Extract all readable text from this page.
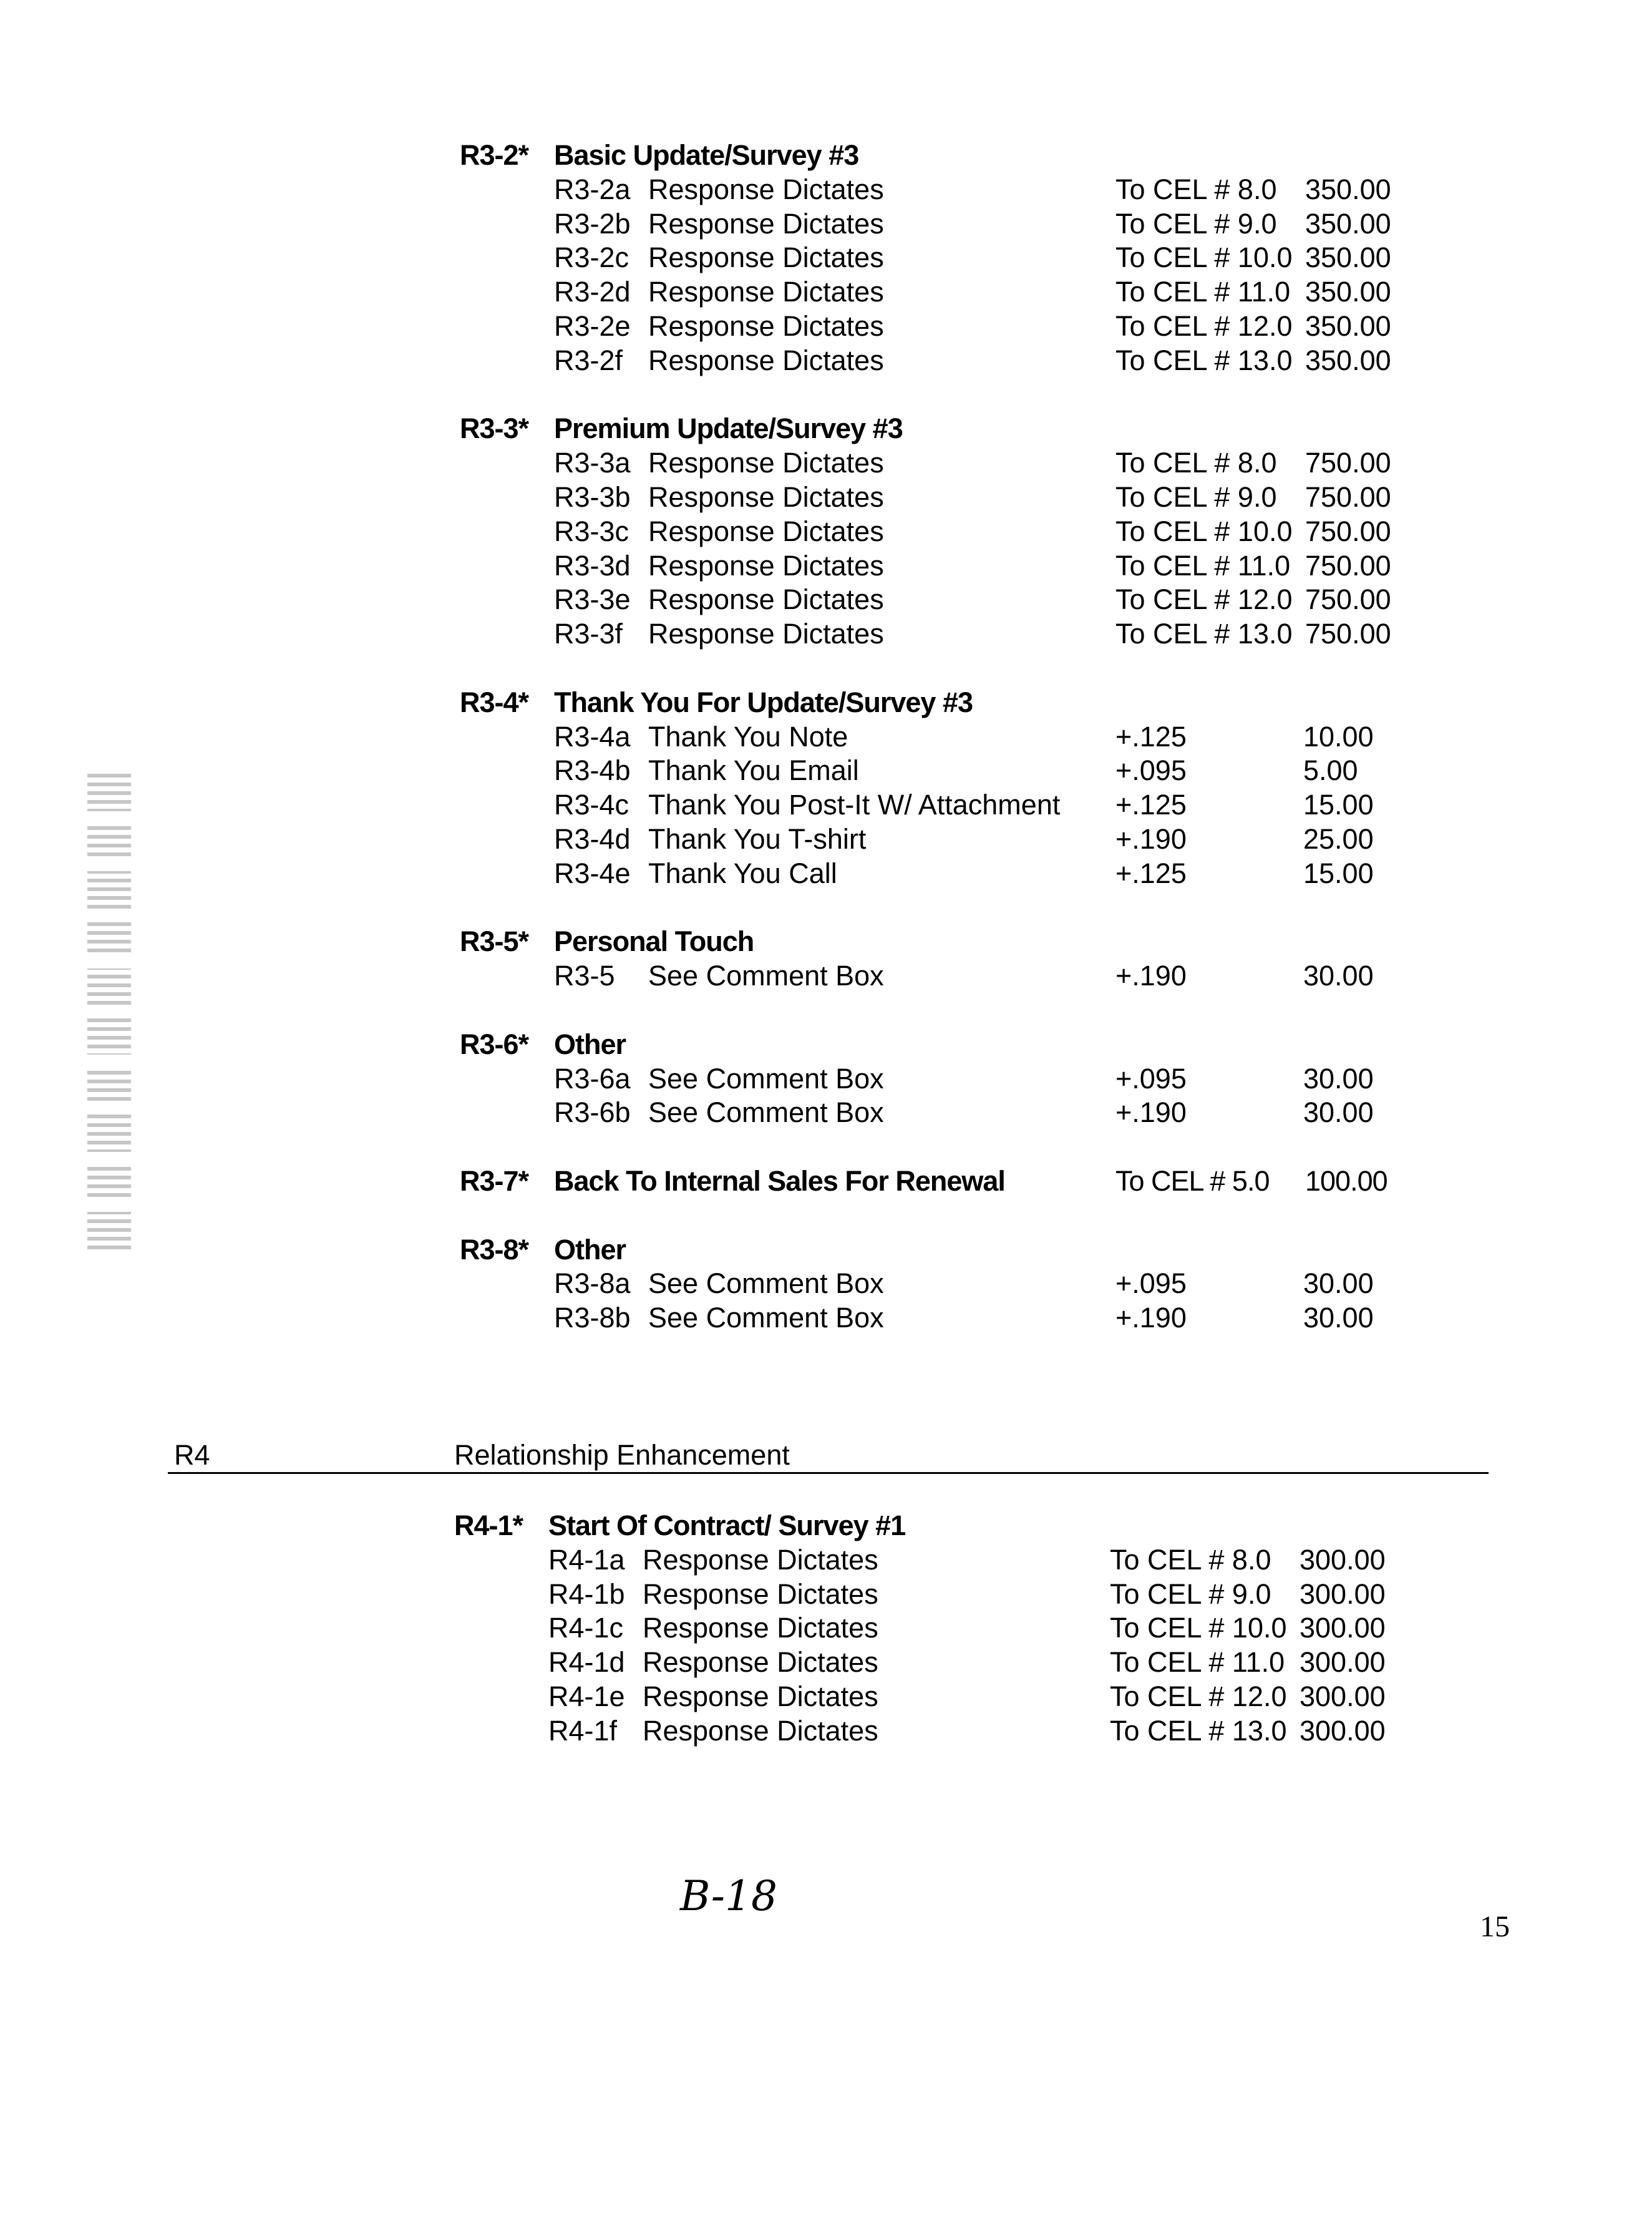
R3-2* Basic Update/Survey #3
R3-2a Response Dictates	To CEL # 8.0 350.00
R3-2b Response Dictates	To CEL # 9.0 350.00
R3-2c Response Dictates	To CEL # 10.0 350.00
R3-2d Response Dictates	To CEL # 11.0 350.00
R3-2e Response Dictates	To CEL # 12.0 350.00
R3-2f Response Dictates	To CEL # 13.0 350.00
R3-3* Premium Update/Survey #3
R3-3a Response Dictates	To CEL # 8.0 750.00
R3-3b Response Dictates	To CEL # 9.0 750.00
R3-3c Response Dictates	To CEL # 10.0 750.00
R3-3d Response Dictates	To CEL # 11.0 750.00
R3-3e Response Dictates	To CEL # 12.0 750.00
R3-3f Response Dictates	To CEL # 13.0 750.00
R3-4* Thank You For Update/Survey #3
R3-4a Thank You Note	+.125	10.00
R3-4b Thank You Email	+.095	5.00
R3-4c Thank You Post-It W/ Attachment +.125	15.00
R3-4d Thank You T-shirt	+.190	25.00
R3-4e Thank You Call	+.125	15.00
R3-5* Personal Touch
R3-5 See Comment Box	+.190	30.00
R3-6* Other
R3-6a See Comment Box	+.095	30.00
R3-6b See Comment Box	+.190	30.00
R3-7* Back To Internal Sales For Renewal	To CEL # 5.0 100.00
R3-8* Other
R3-8a See Comment Box	+.095	30.00
R3-8b See Comment Box	+.190	30.00
R4	Relationship Enhancement
R4-1* Start Of Contract/ Survey #1
R4-1a Response Dictates	To CEL # 8.0 300.00
R4-1b Response Dictates	To CEL # 9.0 300.00
R4-1c Response Dictates	To CEL # 10.0 300.00
R4-1d Response Dictates	To CEL # 11.0 300.00
R4-1e Response Dictates	To CEL # 12.0 300.00
R4-1f Response Dictates	To CEL # 13.0 300.00
B-18
15
